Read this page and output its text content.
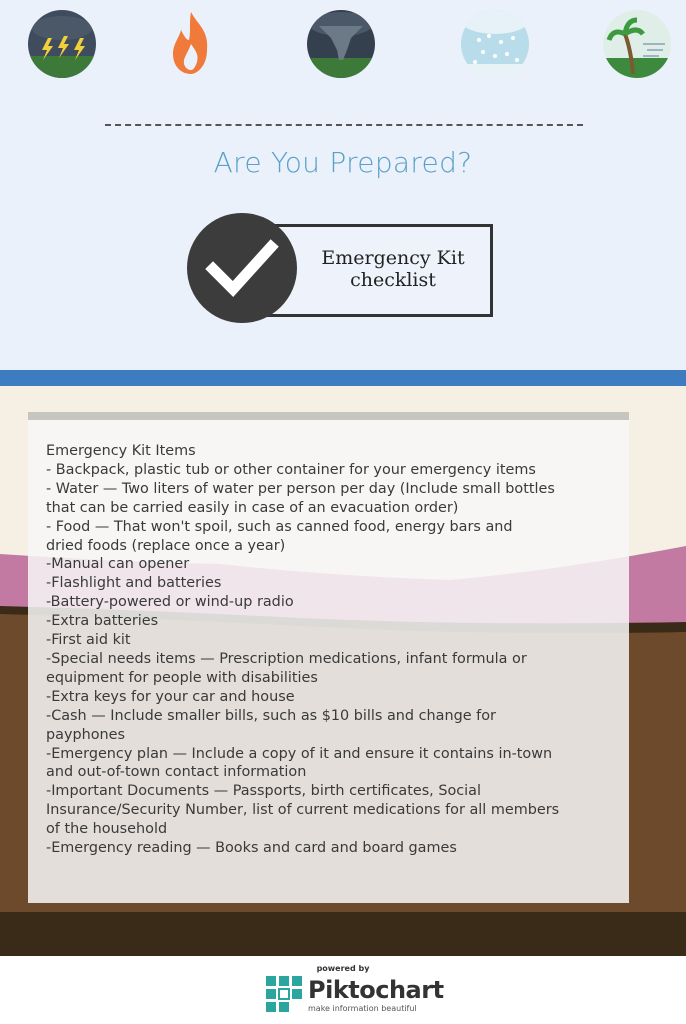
Are You Prepared?
Emergency Kit
checklist
Emergency Kit Items
- Backpack, plastic tub or other container for your emergency items
- Water — Two liters of water per person per day (Include small bottles
that can be carried easily in case of an evacuation order)
- Food — That won't spoil, such as canned food, energy bars and
dried foods (replace once a year)
-Manual can opener
-Flashlight and batteries
-Battery-powered or wind-up radio
-Extra batteries
-First aid kit
-Special needs items — Prescription medications, infant formula or
equipment for people with disabilities
-Extra keys for your car and house
-Cash — Include smaller bills, such as $10 bills and change for
payphones
-Emergency plan — Include a copy of it and ensure it contains in-town
and out-of-town contact information
-Important Documents — Passports, birth certificates, Social
Insurance/Security Number, list of current medications for all members
of the household
-Emergency reading — Books and card and board games
powered by
Piktochart
make information beautiful
